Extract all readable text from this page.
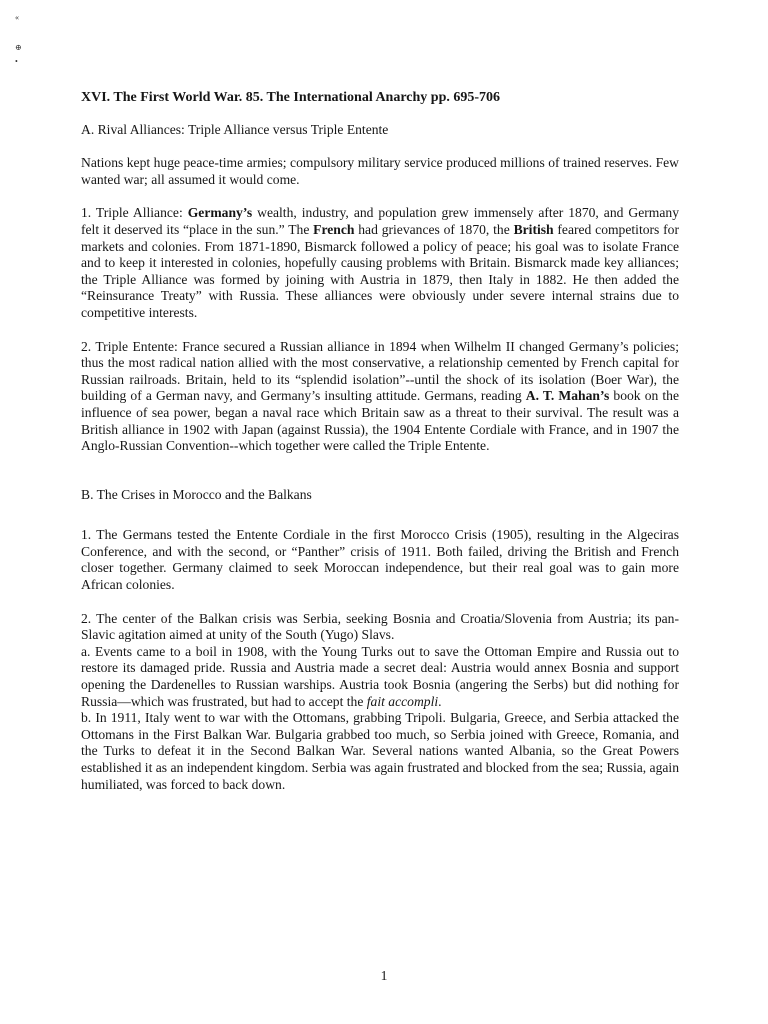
«
⊕
•

XVI. The First World War. 85. The International Anarchy pp. 695-706

A. Rival Alliances: Triple Alliance versus Triple Entente

Nations kept huge peace-time armies; compulsory military service produced millions of trained reserves. Few wanted war; all assumed it would come.

1. Triple Alliance: Germany’s wealth, industry, and population grew immensely after 1870, and Germany felt it deserved its “place in the sun.” The French had grievances of 1870, the British feared competitors for markets and colonies. From 1871-1890, Bismarck followed a policy of peace; his goal was to isolate France and to keep it interested in colonies, hopefully causing problems with Britain. Bismarck made key alliances; the Triple Alliance was formed by joining with Austria in 1879, then Italy in 1882. He then added the “Reinsurance Treaty” with Russia. These alliances were obviously under severe internal strains due to competitive interests.

2. Triple Entente: France secured a Russian alliance in 1894 when Wilhelm II changed Germany’s policies; thus the most radical nation allied with the most conservative, a relationship cemented by French capital for Russian railroads. Britain, held to its “splendid isolation”--until the shock of its isolation (Boer War), the building of a German navy, and Germany’s insulting attitude. Germans, reading A. T. Mahan’s book on the influence of sea power, began a naval race which Britain saw as a threat to their survival. The result was a British alliance in 1902 with Japan (against Russia), the 1904 Entente Cordiale with France, and in 1907 the Anglo-Russian Convention--which together were called the Triple Entente.

B. The Crises in Morocco and the Balkans

1. The Germans tested the Entente Cordiale in the first Morocco Crisis (1905), resulting in the Algeciras Conference, and with the second, or “Panther” crisis of 1911. Both failed, driving the British and French closer together. Germany claimed to seek Moroccan independence, but their real goal was to gain more African colonies.

2. The center of the Balkan crisis was Serbia, seeking Bosnia and Croatia/Slovenia from Austria; its pan-Slavic agitation aimed at unity of the South (Yugo) Slavs.

a. Events came to a boil in 1908, with the Young Turks out to save the Ottoman Empire and Russia out to restore its damaged pride. Russia and Austria made a secret deal: Austria would annex Bosnia and support opening the Dardenelles to Russian warships. Austria took Bosnia (angering the Serbs) but did nothing for Russia—which was frustrated, but had to accept the fait accompli.

b. In 1911, Italy went to war with the Ottomans, grabbing Tripoli. Bulgaria, Greece, and Serbia attacked the Ottomans in the First Balkan War. Bulgaria grabbed too much, so Serbia joined with Greece, Romania, and the Turks to defeat it in the Second Balkan War. Several nations wanted Albania, so the Great Powers established it as an independent kingdom. Serbia was again frustrated and blocked from the sea; Russia, again humiliated, was forced to back down.

1
